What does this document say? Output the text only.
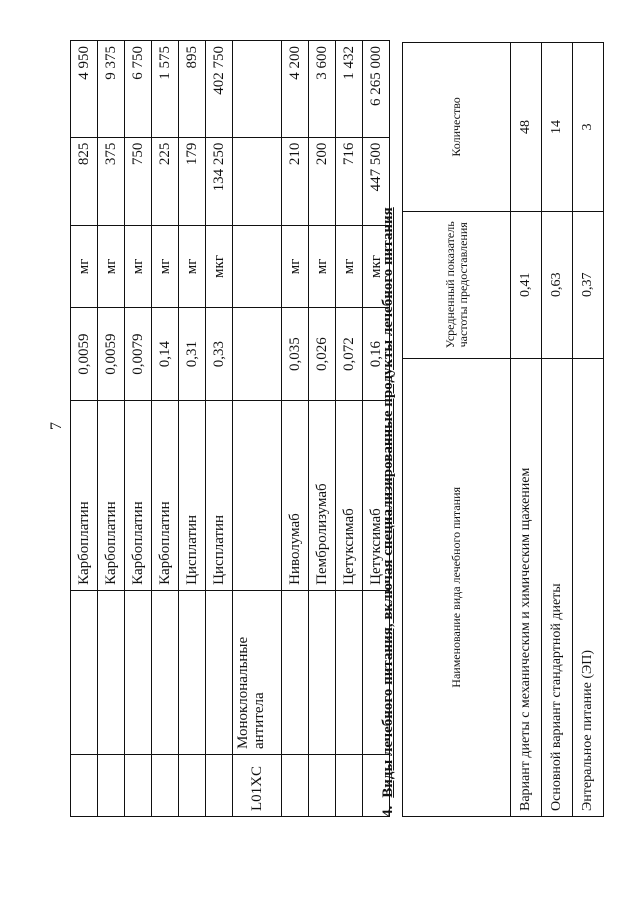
7
		Карбоплатин	0,0059	мг	825	4 950
		Карбоплатин	0,0059	мг	375	9 375
		Карбоплатин	0,0079	мг	750	6 750
		Карбоплатин	0,14	мг	225	1 575
		Цисплатин	0,31	мг	179	895
		Цисплатин	0,33	мкг	134 250	402 750
L01XC	Моноклональные антитела					
		Ниволумаб	0,035	мг	210	4 200
		Пембролизумаб	0,026	мг	200	3 600
		Цетуксимаб	0,072	мг	716	1 432
		Цетуксимаб	0,16	мкг	447 500	6 265 000
4.Виды лечебного питания, включая специализированные продукты лечебного питания	Наименование вида лечебного питания	Усредненный показатель частоты предоставления	Количество
Вариант диеты с механическим и химическим щажением	0,41	48
Основной вариант стандартной диеты	0,63	14
Энтеральное питание (ЭП)	0,37	3
